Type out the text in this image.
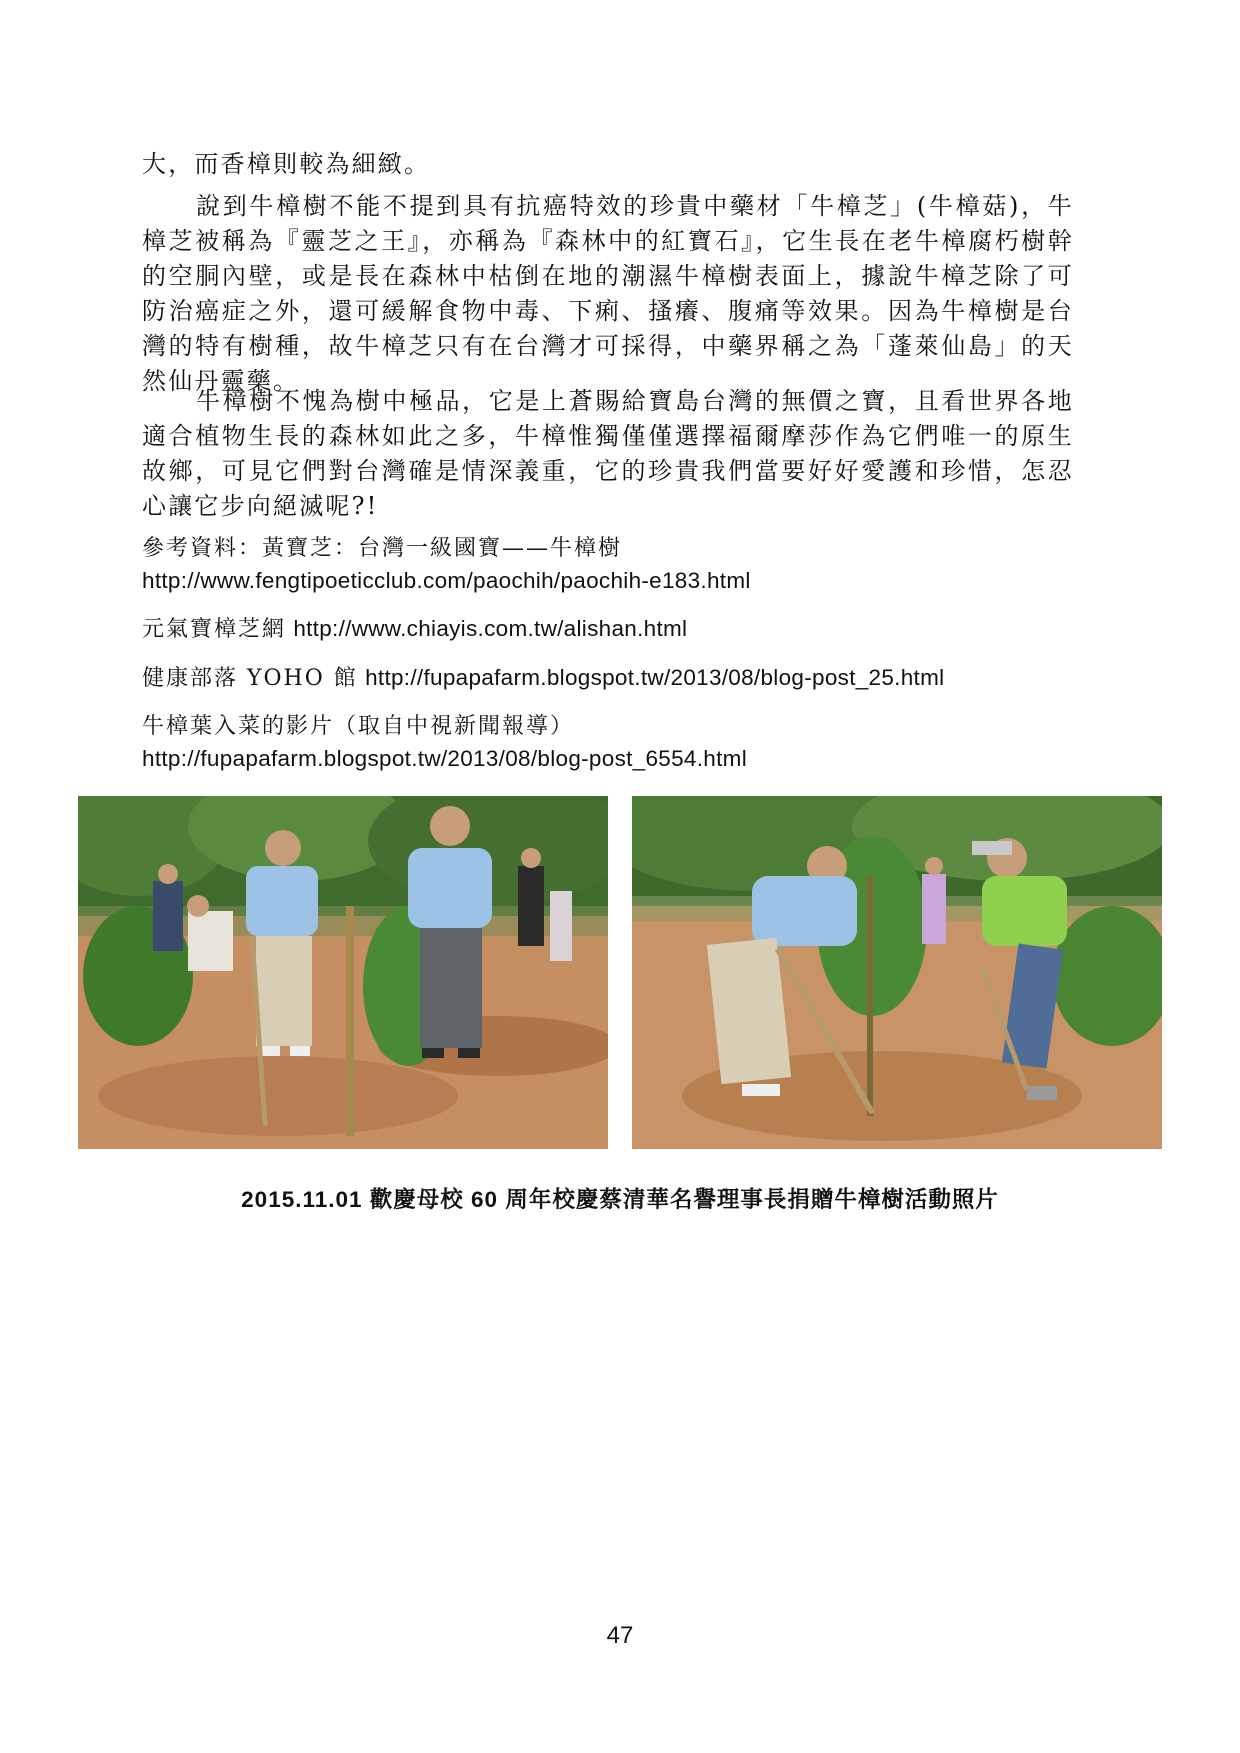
大，而香樟則較為細緻。

說到牛樟樹不能不提到具有抗癌特效的珍貴中藥材「牛樟芝」(牛樟菇)，牛樟芝被稱為『靈芝之王』，亦稱為『森林中的紅寶石』，它生長在老牛樟腐朽樹幹的空胴內壁，或是長在森林中枯倒在地的潮濕牛樟樹表面上，據說牛樟芝除了可防治癌症之外，還可緩解食物中毒、下痢、搔癢、腹痛等效果。因為牛樟樹是台灣的特有樹種，故牛樟芝只有在台灣才可採得，中藥界稱之為「蓬萊仙島」的天然仙丹靈藥。

牛樟樹不愧為樹中極品，它是上蒼賜給寶島台灣的無價之寶，且看世界各地適合植物生長的森林如此之多，牛樟惟獨僅僅選擇福爾摩莎作為它們唯一的原生故鄉，可見它們對台灣確是情深義重，它的珍貴我們當要好好愛護和珍惜，怎忍心讓它步向絕滅呢?!

參考資料：黃寶芝：台灣一級國寶——牛樟樹
http://www.fengtipoeticclub.com/paochih/paochih-e183.html

元氣寶樟芝網 http://www.chiayis.com.tw/alishan.html

健康部落 YOHO 館 http://fupapafarm.blogspot.tw/2013/08/blog-post_25.html

牛樟葉入菜的影片（取自中視新聞報導）
http://fupapafarm.blogspot.tw/2013/08/blog-post_6554.html

2015.11.01 歡慶母校 60 周年校慶蔡清華名譽理事長捐贈牛樟樹活動照片
47
